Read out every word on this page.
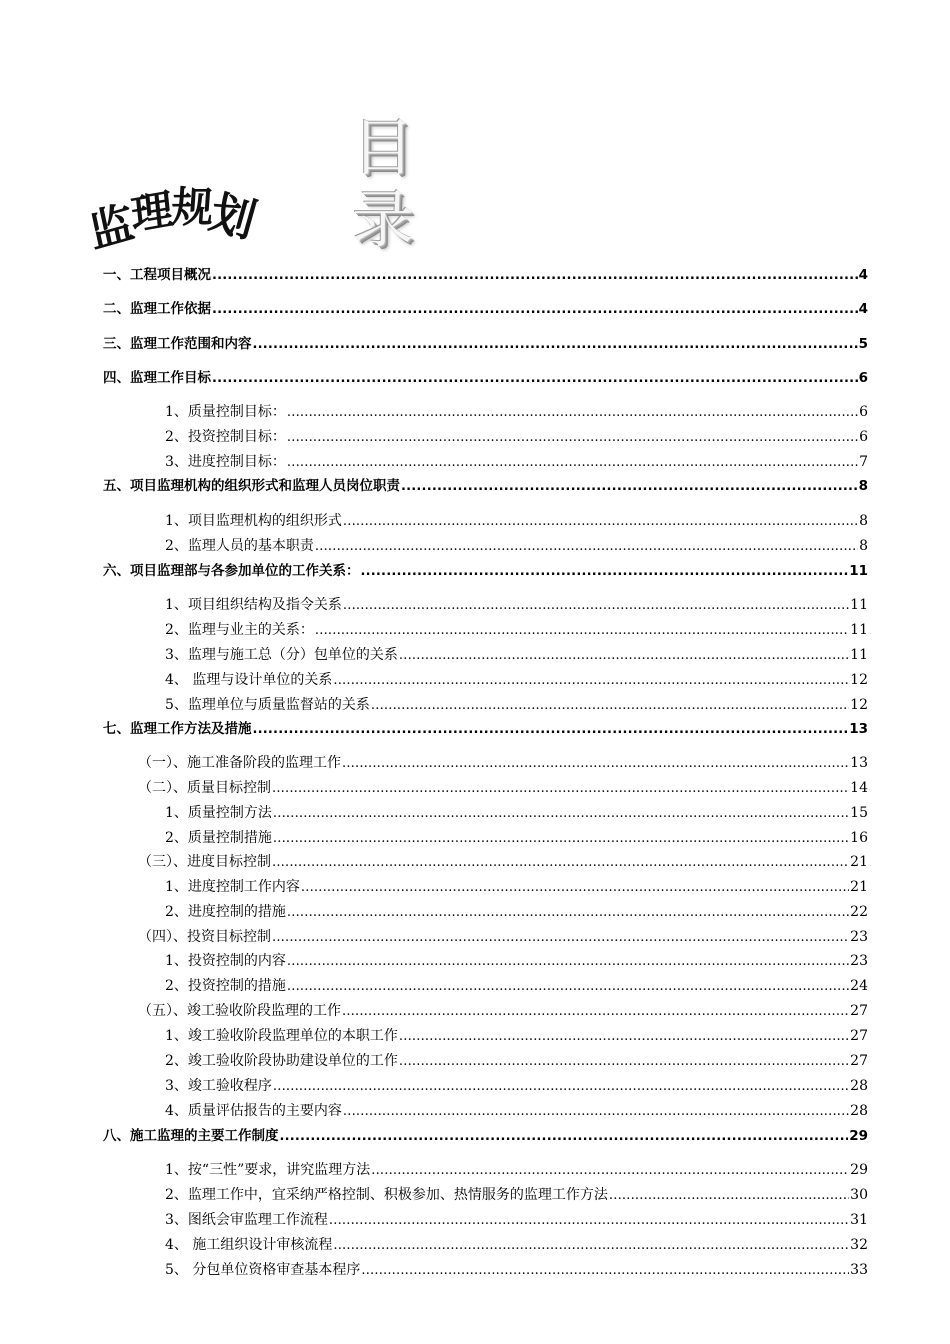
目 录
监理规划
一、工程项目概况 .....	4
二、监理工作依据 .....	4
三、监理工作范围和内容 .....	5
四、监理工作目标 .....	6
1、质量控制目标： .....	6
2、投资控制目标： .....	6
3、进度控制目标： .....	7
五、项目监理机构的组织形式和监理人员岗位职责 .....	8
1、项目监理机构的组织形式 .....	8
2、监理人员的基本职责 .....	8
六、项目监理部与各参加单位的工作关系： .....	11
1、项目组织结构及指令关系 .....	11
2、监理与业主的关系： .....	11
3、监理与施工总（分）包单位的关系 .....	11
4、 监理与设计单位的关系 .....	12
5、监理单位与质量监督站的关系 .....	12
七、监理工作方法及措施 .....	13
（一）、施工准备阶段的监理工作 .....	13
（二）、质量目标控制 .....	14
1、质量控制方法 .....	15
2、质量控制措施 .....	16
（三）、进度目标控制 .....	21
1、进度控制工作内容 .....	21
2、进度控制的措施 .....	22
（四）、投资目标控制 .....	23
1、投资控制的内容 .....	23
2、投资控制的措施 .....	24
（五）、竣工验收阶段监理的工作 .....	27
1、竣工验收阶段监理单位的本职工作 .....	27
2、竣工验收阶段协助建设单位的工作 .....	27
3、竣工验收程序 .....	28
4、质量评估报告的主要内容 .....	28
八、施工监理的主要工作制度 .....	29
1、按“三性”要求，讲究监理方法 .....	29
2、监理工作中，宜采纳严格控制、积极参加、热情服务的监理工作方法 .....	30
3、图纸会审监理工作流程 .....	31
4、 施工组织设计审核流程 .....	32
5、 分包单位资格审查基本程序 .....	33
